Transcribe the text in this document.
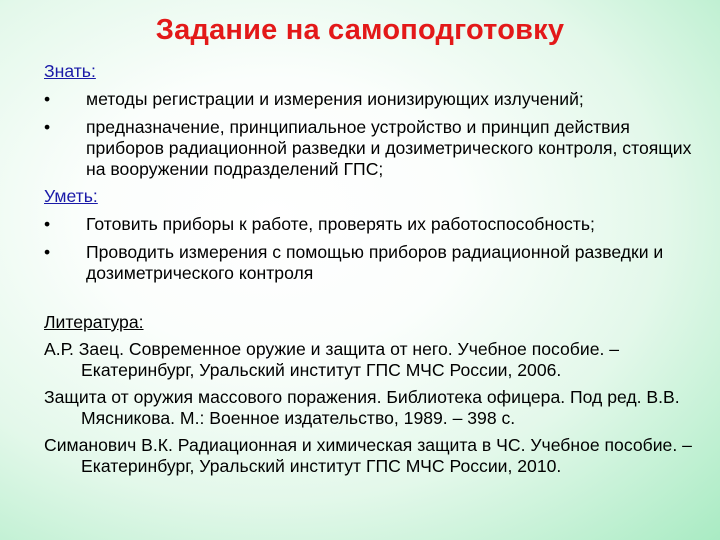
Задание на самоподготовку

Знать:

• методы регистрации и измерения ионизирующих излучений;
• предназначение, принципиальное устройство и принцип действия приборов радиационной разведки и дозиметрического контроля, стоящих на вооружении подразделений ГПС;

Уметь:

• Готовить приборы к работе, проверять их работоспособность;
• Проводить измерения с помощью приборов радиационной разведки и дозиметрического контроля

Литература:

А.Р. Заец. Современное оружие и защита от него. Учебное пособие. – Екатеринбург, Уральский институт ГПС МЧС России, 2006.

Защита от оружия массового поражения. Библиотека офицера. Под ред. В.В. Мясникова. М.: Военное издательство, 1989. – 398 с.

Симанович В.К. Радиационная и химическая защита в ЧС. Учебное пособие. – Екатеринбург, Уральский институт ГПС МЧС России, 2010.
